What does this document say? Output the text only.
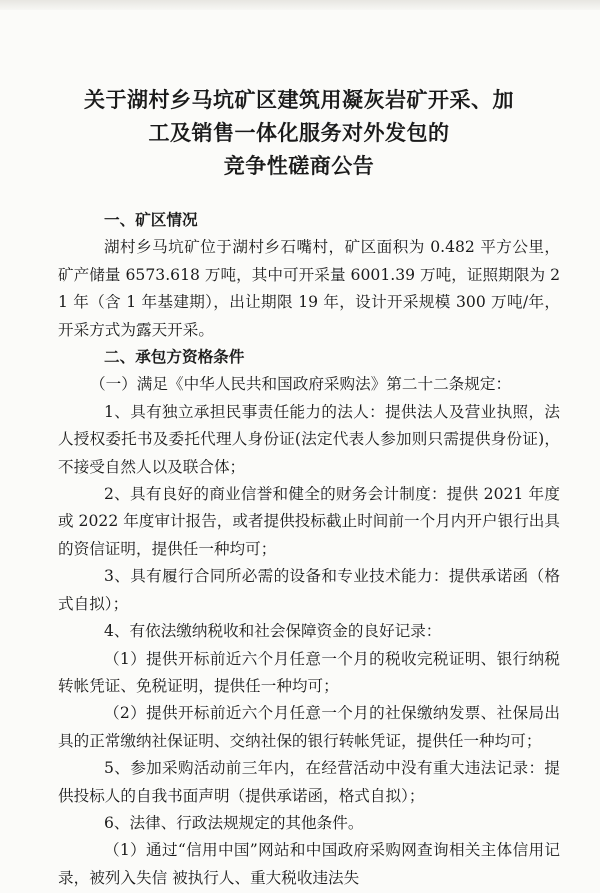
关于湖村乡马坑矿区建筑用凝灰岩矿开采、加
工及销售一体化服务对外发包的
竞争性磋商公告

一、矿区情况

湖村乡马坑矿位于湖村乡石嘴村，矿区面积为 0.482 平方公里，矿产储量 6573.618 万吨，其中可开采量 6001.39 万吨，证照期限为 21 年（含 1 年基建期），出让期限 19 年，设计开采规模 300 万吨/年，开采方式为露天开采。

二、承包方资格条件

（一）满足《中华人民共和国政府采购法》第二十二条规定：

1、具有独立承担民事责任能力的法人：提供法人及营业执照，法人授权委托书及委托代理人身份证(法定代表人参加则只需提供身份证)，不接受自然人以及联合体；

2、具有良好的商业信誉和健全的财务会计制度：提供 2021 年度或 2022 年度审计报告，或者提供投标截止时间前一个月内开户银行出具的资信证明，提供任一种均可；

3、具有履行合同所必需的设备和专业技术能力：提供承诺函（格式自拟）；

4、有依法缴纳税收和社会保障资金的良好记录：

（1）提供开标前近六个月任意一个月的税收完税证明、银行纳税转帐凭证、免税证明，提供任一种均可；

（2）提供开标前近六个月任意一个月的社保缴纳发票、社保局出具的正常缴纳社保证明、交纳社保的银行转帐凭证，提供任一种均可；

5、参加采购活动前三年内，在经营活动中没有重大违法记录：提供投标人的自我书面声明（提供承诺函，格式自拟）；

6、法律、行政法规规定的其他条件。

（1）通过“信用中国”网站和中国政府采购网查询相关主体信用记录，被列入失信 被执行人、重大税收违法失
